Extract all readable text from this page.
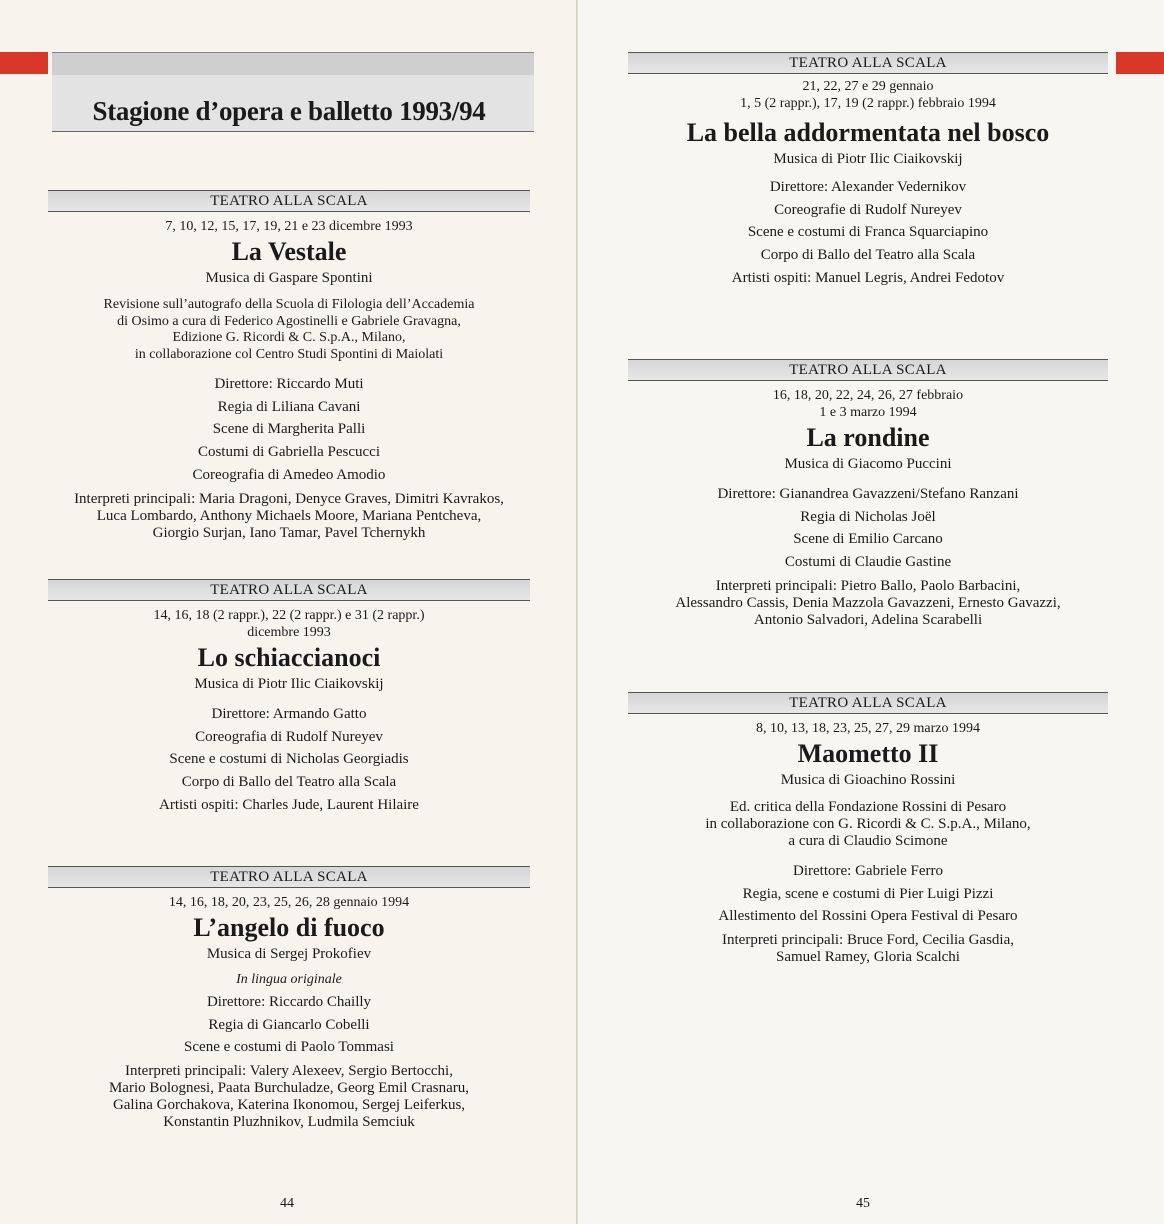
Stagione d’opera e balletto 1993/94
TEATRO ALLA SCALA
7, 10, 12, 15, 17, 19, 21 e 23 dicembre 1993
La Vestale
Musica di Gaspare Spontini
Revisione sull’autografo della Scuola di Filologia dell’Accademia
di Osimo a cura di Federico Agostinelli e Gabriele Gravagna,
Edizione G. Ricordi & C. S.p.A., Milano,
in collaborazione col Centro Studi Spontini di Maiolati
Direttore: Riccardo Muti
Regia di Liliana Cavani
Scene di Margherita Palli
Costumi di Gabriella Pescucci
Coreografia di Amedeo Amodio
Interpreti principali: Maria Dragoni, Denyce Graves, Dimitri Kavrakos,
Luca Lombardo, Anthony Michaels Moore, Mariana Pentcheva,
Giorgio Surjan, Iano Tamar, Pavel Tchernykh
TEATRO ALLA SCALA
14, 16, 18 (2 rappr.), 22 (2 rappr.) e 31 (2 rappr.)
dicembre 1993
Lo schiaccianoci
Musica di Piotr Ilic Ciaikovskij
Direttore: Armando Gatto
Coreografia di Rudolf Nureyev
Scene e costumi di Nicholas Georgiadis
Corpo di Ballo del Teatro alla Scala
Artisti ospiti: Charles Jude, Laurent Hilaire
TEATRO ALLA SCALA
14, 16, 18, 20, 23, 25, 26, 28 gennaio 1994
L’angelo di fuoco
Musica di Sergej Prokofiev
In lingua originale
Direttore: Riccardo Chailly
Regia di Giancarlo Cobelli
Scene e costumi di Paolo Tommasi
Interpreti principali: Valery Alexeev, Sergio Bertocchi,
Mario Bolognesi, Paata Burchuladze, Georg Emil Crasnaru,
Galina Gorchakova, Katerina Ikonomou, Sergej Leiferkus,
Konstantin Pluzhnikov, Ludmila Semciuk
44
TEATRO ALLA SCALA
21, 22, 27 e 29 gennaio
1, 5 (2 rappr.), 17, 19 (2 rappr.) febbraio 1994
La bella addormentata nel bosco
Musica di Piotr Ilic Ciaikovskij
Direttore: Alexander Vedernikov
Coreografie di Rudolf Nureyev
Scene e costumi di Franca Squarciapino
Corpo di Ballo del Teatro alla Scala
Artisti ospiti: Manuel Legris, Andrei Fedotov
TEATRO ALLA SCALA
16, 18, 20, 22, 24, 26, 27 febbraio
1 e 3 marzo 1994
La rondine
Musica di Giacomo Puccini
Direttore: Gianandrea Gavazzeni/Stefano Ranzani
Regia di Nicholas Joël
Scene di Emilio Carcano
Costumi di Claudie Gastine
Interpreti principali: Pietro Ballo, Paolo Barbacini,
Alessandro Cassis, Denia Mazzola Gavazzeni, Ernesto Gavazzi,
Antonio Salvadori, Adelina Scarabelli
TEATRO ALLA SCALA
8, 10, 13, 18, 23, 25, 27, 29 marzo 1994
Maometto II
Musica di Gioachino Rossini
Ed. critica della Fondazione Rossini di Pesaro
in collaborazione con G. Ricordi & C. S.p.A., Milano,
a cura di Claudio Scimone
Direttore: Gabriele Ferro
Regia, scene e costumi di Pier Luigi Pizzi
Allestimento del Rossini Opera Festival di Pesaro
Interpreti principali: Bruce Ford, Cecilia Gasdia,
Samuel Ramey, Gloria Scalchi
45
